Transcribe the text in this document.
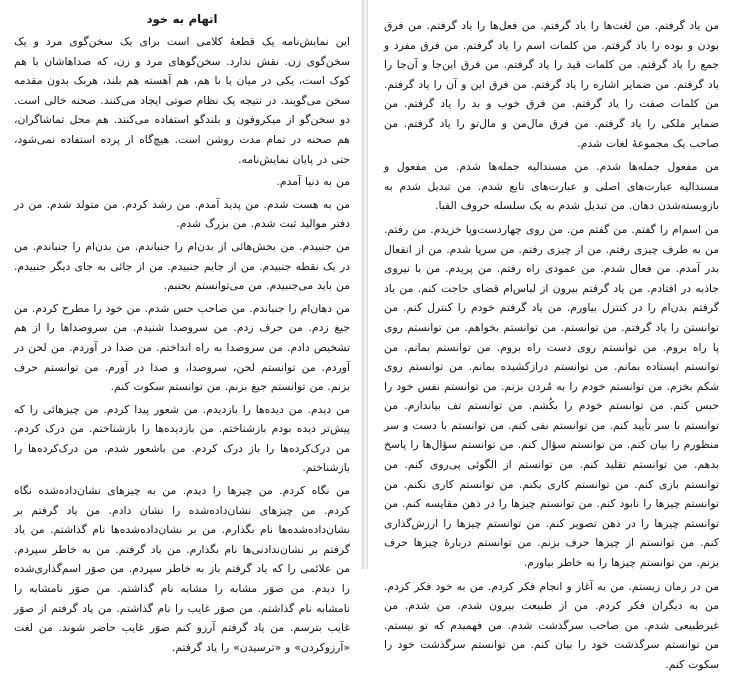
اتهام به خود

این نمایش‌نامه یک قطعهٔ کلامی است برای یک سخن‌گوی مرد و یک سخن‌گوی زن. نقش ندارد. سخن‌گوهای مرد و زن، که صداهاشان با هم کوک است، یکی در میان یا با هم، هم آهسته هم بلند، هربک بدون مقدمه سخن می‌گویند. در نتیجه یک نظام صوتی ایجاد می‌کنند. صحنه خالی است. دو سخن‌گو از میکروفون و بلندگو استفاده می‌کنند. هم محل تماشاگران، هم صحنه در تمام مدت روشن است. هیچ‌گاه از پرده استفاده نمی‌شود، حتی در پایان نمایش‌نامه.

من به دنیا آمدم.

من به هست شدم. من پدید آمدم. من رشد کردم. من متولد شدم. من در دفتر موالید ثبت شدم. من بزرگ شدم.

من جنبیدم. من بخش‌هائی از بدن‌ام را جنباندم. من بدن‌ام را جنباندم. من در یک نقطه جنبیدم. من از جایم جنبیدم. من از جائی به جای دیگر جنبیدم. من باید می‌جنبیدم. من می‌توانستم بجنبم.

من دهان‌ام را جنباندم. من صاحب حس شدم. من خود را مطرح کردم. من جیغ زدم. من حرف زدم. من سروصدا شنیدم. من سروصداها را از هم تشخیص دادم. من سروصدا به راه انداختم. من صدا در آوردم. من لحن در آوردم. من توانستم لحن، سروصدا، و صدا در آورم. من توانستم حرف بزنم. من توانستم جیغ بزنم. من توانستم سکوت کنم.

من دیدم. من دیده‌ها را بازدیدم. من شعور پیدا کردم. من چیزهائی را که پیش‌تر دیده بودم بازشناختم. من بازدیده‌ها را بازشناختم. من درک کردم. من درک‌کرده‌ها را باز درک کردم. من باشعور شدم. من درک‌کرده‌ها را بازشناختم.

من نگاه کردم. من چیزها را دیدم. من به چیزهای نشان‌داده‌شده نگاه کردم. من چیزهای نشان‌داده‌شده را نشان دادم. من یاد گرفتم بر نشان‌داده‌شده‌ها نام بگذارم. من بر نشان‌داده‌شده‌ها نام گذاشتم. من یاد گرفتم بر نشان‌ندادنی‌ها نام بگذارم. من یاد گرفتم. من به خاطر سپردم. من علائمی را که یاد گرفتم باز به خاطر سپردم. من صوَر اسم‌گذاری‌شده را دیدم. من صوَر مشابه را مشابه نام گذاشتم. من صوَر نامشابه را نامشابه نام گذاشتم. من صوَر غایب را نام گذاشتم. من یاد گرفتم از صوَر غایب بترسم. من یاد گرفتم آرزو کنم صوَر غایب حاضر شوند. من لغت «آرزوکردن» و «ترسیدن» را یاد گرفتم.

من یاد گرفتم. من لغت‌ها را یاد گرفتم. من فعل‌ها را یاد گرفتم. من فرق بودن و بوده را یاد گرفتم. من کلمات اسم را یاد گرفتم. من فرق مفرد و جمع را یاد گرفتم. من کلمات قید را یاد گرفتم. من فرق این‌جا و آن‌جا را یاد گرفتم. من ضمایر اشاره را یاد گرفتم. من فرق این و آن را یاد گرفتم. من کلمات صفت را یاد گرفتم. من فرق خوب و بد را یاد گرفتم. من ضمایر ملکی را یاد گرفتم. من فرق مال‌من و مال‌تو را یاد گرفتم. من صاحب یک مجموعهٔ لغات شدم.

من مفعول جمله‌ها شدم. من مسندالیه جمله‌ها شدم. من مفعول و مسندالیه عبارت‌های اصلی و عبارت‌های تابع شدم. من تبدیل شدم به بازوبسته‌شدن دهان. من تبدیل شدم به یک سلسله حروف الفبا.

من اسم‌ام را گفتم. من گفتم من. من روی چهاردست‌وپا خزیدم. من رفتم. من به طرف چیزی رفتم. من از چیزی رفتم. من سرپا شدم. من از انفعال بدر آمدم. من فعال شدم. من عمودی راه رفتم. من پریدم. من با نیروی جاذبه در افتادم. من یاد گرفتم بیرون از لباس‌ام قضای حاجت کنم. من یاد گرفتم بدن‌ام را در کنترل بیاورم. من یاد گرفتم خودم را کنترل کنم. من توانستن را یاد گرفتم. من توانستم. من توانستم بخواهم. من توانستم روی پا راه بروم. من توانستم روی دست راه بروم. من توانستم بمانم. من توانستم ایستاده بمانم. من توانستم دراز‌کشیده بمانم. من توانستم روی شکم بخزم. من توانستم خودم را به مُردن بزنم. من توانستم نفس خود را حبس کنم. من توانستم خودم را بکُشم. من توانستم تف بیاندازم. من توانستم با سر تأیید کنم. من توانستم نفی کنم. من توانستم با دست و سر منظورم را بیان کنم. من توانستم سؤال کنم. من توانستم سؤال‌ها را پاسخ بدهم. من توانستم تقلید کنم. من توانستم از الگوئی پی‌روی کنم. من توانستم بازی کنم. من توانستم کاری بکنم. من توانستم کاری نکنم. من توانستم چیزها را نابود کنم. من توانستم چیزها را در ذهن مقایسه کنم. من توانستم چیزها را در ذهن تصویر کنم. من توانستم چیزها را ارزش‌گذاری کنم. من توانستم از چیزها حرف بزنم. من توانستم دربارهٔ چیزها حرف بزنم. من توانستم چیزها را به خاطر بیاورم.

من در زمان زیستم. من به آغاز و انجام فکر کردم. من به خود فکر کردم. من به دیگران فکر کردم. من از طبیعت بیرون شدم. من شدم. من غیرطبیعی شدم. من صاحب سرگذشت شدم. من فهمیدم که تو نیستم. من توانستم سرگذشت خود را بیان کنم. من توانستم سرگذشت خود را سکوت کنم.
